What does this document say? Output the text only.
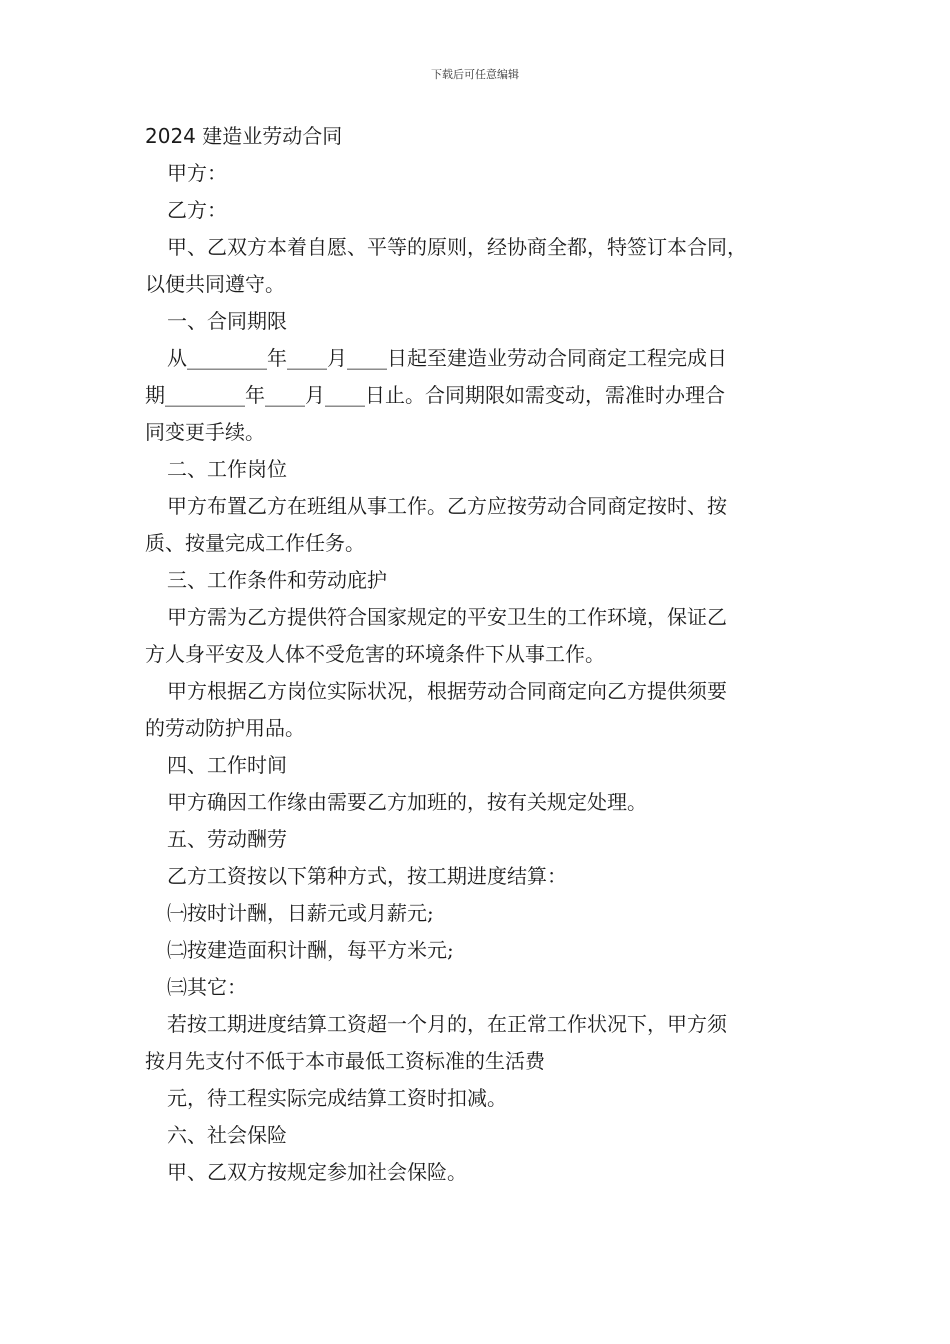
下载后可任意编辑
2024 建造业劳动合同
甲方：
乙方：
甲、乙双方本着自愿、平等的原则，经协商全都，特签订本合同，
以便共同遵守。
一、合同期限
从________年____月____日起至建造业劳动合同商定工程完成日
期________年____月____日止。合同期限如需变动，需准时办理合
同变更手续。
二、工作岗位
甲方布置乙方在班组从事工作。乙方应按劳动合同商定按时、按
质、按量完成工作任务。
三、工作条件和劳动庇护
甲方需为乙方提供符合国家规定的平安卫生的工作环境，保证乙
方人身平安及人体不受危害的环境条件下从事工作。
甲方根据乙方岗位实际状况，根据劳动合同商定向乙方提供须要
的劳动防护用品。
四、工作时间
甲方确因工作缘由需要乙方加班的，按有关规定处理。
五、劳动酬劳
乙方工资按以下第种方式，按工期进度结算：
㈠按时计酬，日薪元或月薪元;
㈡按建造面积计酬，每平方米元;
㈢其它：
若按工期进度结算工资超一个月的，在正常工作状况下，甲方须
按月先支付不低于本市最低工资标准的生活费
元，待工程实际完成结算工资时扣减。
六、社会保险
甲、乙双方按规定参加社会保险。
